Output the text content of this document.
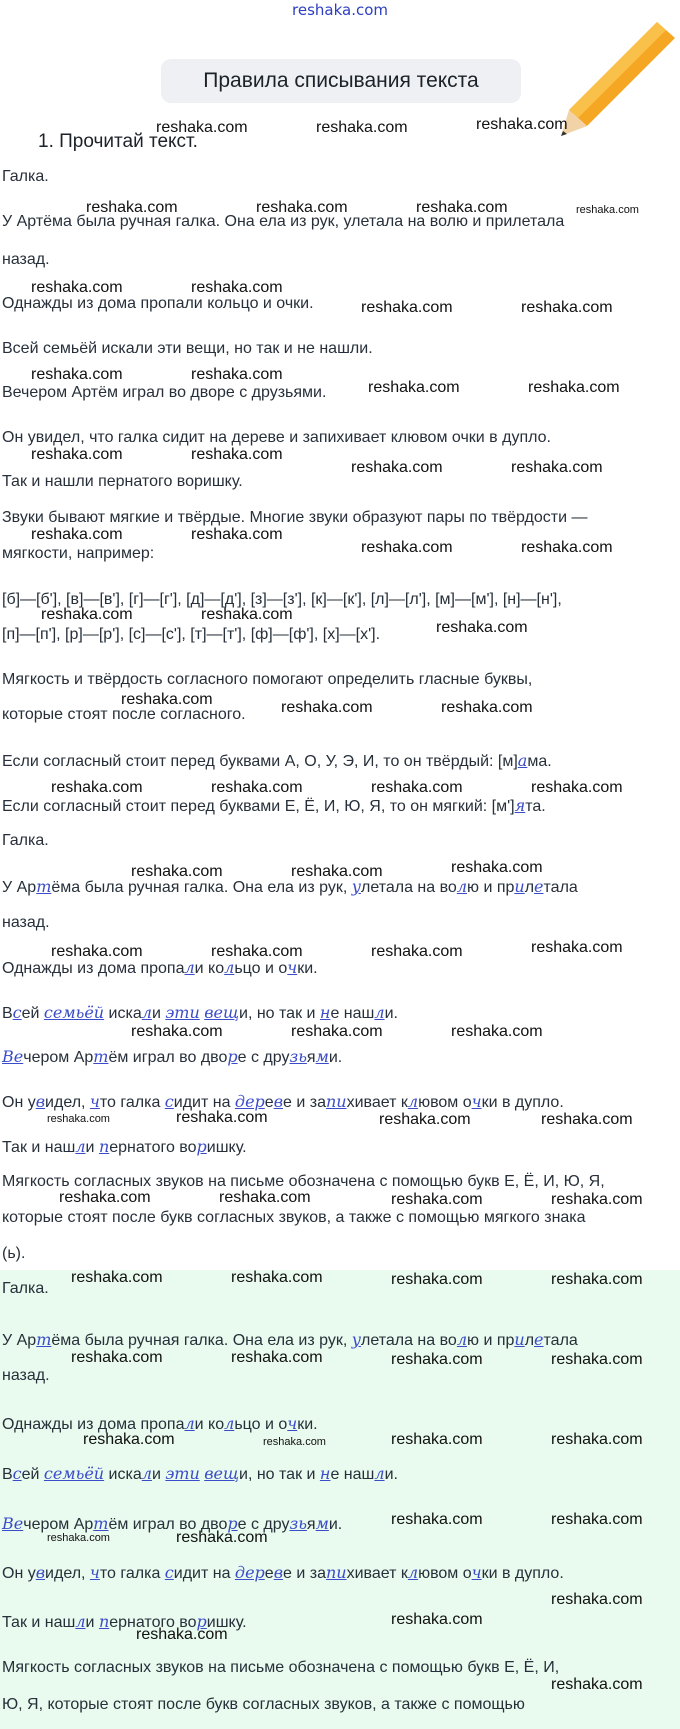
reshaka.com
Правила списывания текста
1. Прочитай текст.
Галка.
У Артёма была ручная галка. Она ела из рук, улетала на волю и прилетала
назад.
Однажды из дома пропали кольцо и очки.
Всей семьёй искали эти вещи, но так и не нашли.
Вечером Артём играл во дворе с друзьями.
Он увидел, что галка сидит на дереве и запихивает клювом очки в дупло.
Так и нашли пернатого воришку.
Звуки бывают мягкие и твёрдые. Многие звуки образуют пары по твёрдости —
мягкости, например:
[б]—[б'], [в]—[в'], [г]—[г'], [д]—[д'], [з]—[з'], [к]—[к'], [л]—[л'], [м]—[м'], [н]—[н'],
[п]—[п'], [р]—[р'], [с]—[с'], [т]—[т'], [ф]—[ф'], [х]—[х'].
Мягкость и твёрдость согласного помогают определить гласные буквы,
которые стоят после согласного.
Если согласный стоит перед буквами А, О, У, Э, И, то он твёрдый: [м]ама.
Если согласный стоит перед буквами Е, Ё, И, Ю, Я, то он мягкий: [м']ята.
Галка.
У Артёма была ручная галка. Она ела из рук, улетала на волю и прилетала
назад.
Однажды из дома пропали кольцо и очки.
Всей семьёй искали эти вещи, но так и не нашли.
Вечером Артём играл во дворе с друзьями.
Он увидел, что галка сидит на дереве и запихивает клювом очки в дупло.
Так и нашли пернатого воришку.
Мягкость согласных звуков на письме обозначена с помощью букв Е, Ё, И, Ю, Я,
которые стоят после букв согласных звуков, а также с помощью мягкого знака
(ь).
Галка.
У Артёма была ручная галка. Она ела из рук, улетала на волю и прилетала
назад.
Однажды из дома пропали кольцо и очки.
Всей семьёй искали эти вещи, но так и не нашли.
Вечером Артём играл во дворе с друзьями.
Он увидел, что галка сидит на дереве и запихивает клювом очки в дупло.
Так и нашли пернатого воришку.
Мягкость согласных звуков на письме обозначена с помощью букв Е, Ё, И,
Ю, Я, которые стоят после букв согласных звуков, а также с помощью
reshaka.com	reshaka.com	reshaka.com
reshaka.com	reshaka.com	reshaka.com	reshaka.com
reshaka.com	reshaka.com
reshaka.com	reshaka.com
reshaka.com	reshaka.com
reshaka.com	reshaka.com
reshaka.com	reshaka.com
reshaka.com	reshaka.com
reshaka.com	reshaka.com
reshaka.com	reshaka.com
reshaka.com	reshaka.com
reshaka.com
reshaka.com	reshaka.com	reshaka.com
reshaka.com	reshaka.com	reshaka.com	reshaka.com
reshaka.com	reshaka.com	reshaka.com
reshaka.com	reshaka.com	reshaka.com	reshaka.com
reshaka.com	reshaka.com	reshaka.com
reshaka.com	reshaka.com	reshaka.com	reshaka.com
reshaka.com	reshaka.com	reshaka.com	reshaka.com
reshaka.com	reshaka.com	reshaka.com	reshaka.com
reshaka.com	reshaka.com	reshaka.com	reshaka.com
reshaka.com	reshaka.com	reshaka.com	reshaka.com
reshaka.com	reshaka.com
reshaka.com	reshaka.com
reshaka.com
reshaka.com
reshaka.com
reshaka.com
